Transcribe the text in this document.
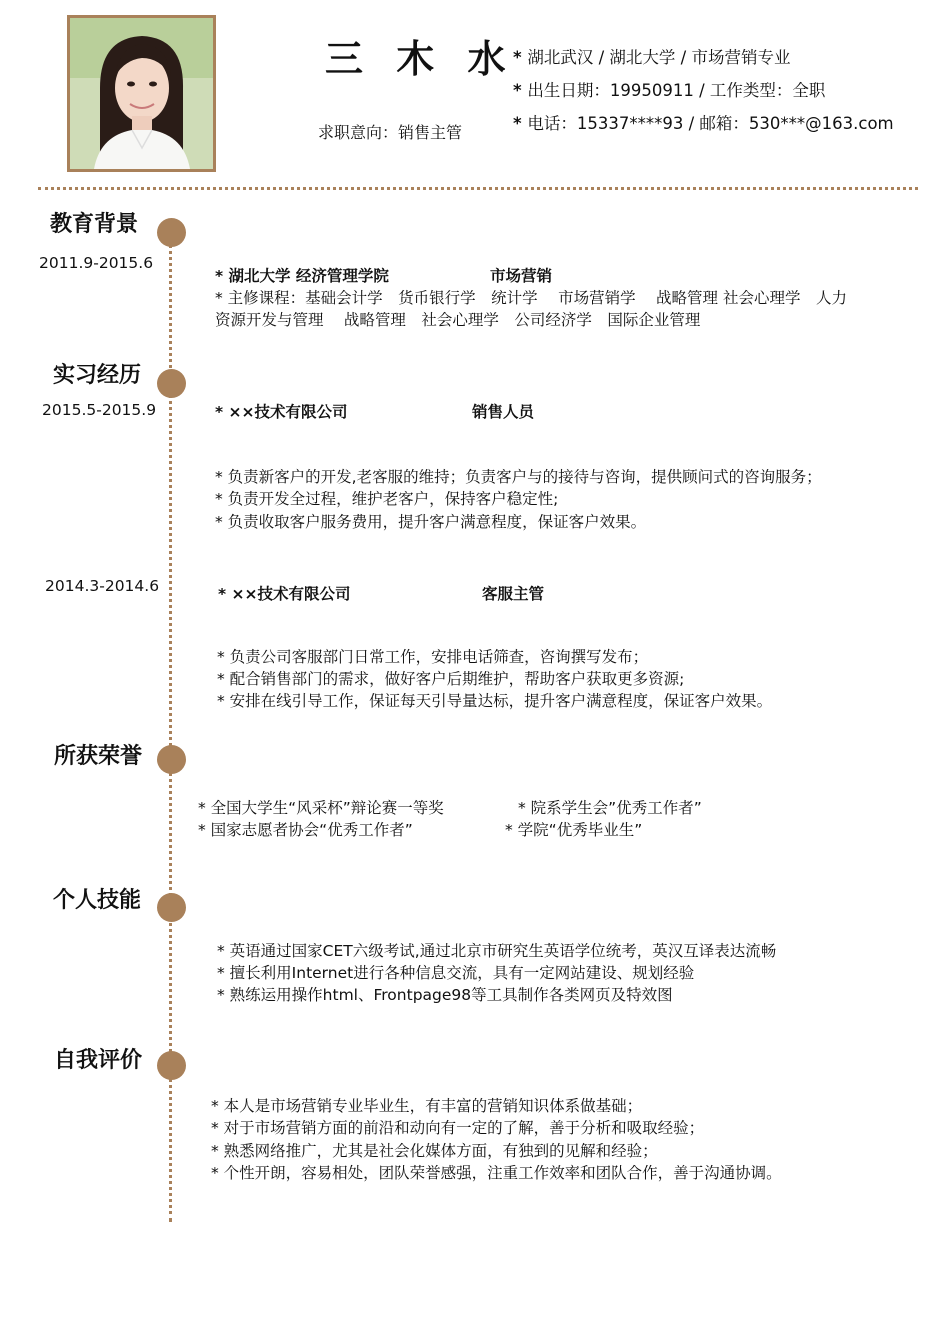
三 木 水
求职意向：销售主管
* 湖北武汉 / 湖北大学 / 市场营销专业
* 出生日期：19950911 / 工作类型：全职
* 电话：15337****93 / 邮箱：530***@163.com
教育背景
2011.9-2015.6
* 湖北大学 经济管理学院	市场营销
* 主修课程：基础会计学　货币银行学　统计学　 市场营销学　 战略管理 社会心理学　人力
资源开发与管理　 战略管理　社会心理学　公司经济学　国际企业管理
实习经历
2015.5-2015.9	* ××技术有限公司	销售人员
* 负责新客户的开发,老客服的维持；负责客户与的接待与咨询，提供顾问式的咨询服务；
* 负责开发全过程，维护老客户，保持客户稳定性;
* 负责收取客户服务费用，提升客户满意程度，保证客户效果。
2014.3-2014.6	* ××技术有限公司	客服主管
* 负责公司客服部门日常工作，安排电话筛查，咨询撰写发布；
* 配合销售部门的需求，做好客户后期维护，帮助客户获取更多资源;
* 安排在线引导工作，保证每天引导量达标，提升客户满意程度，保证客户效果。
所获荣誉
* 全国大学生“风采杯”辩论赛一等奖	* 院系学生会”优秀工作者”
* 国家志愿者协会“优秀工作者”	* 学院“优秀毕业生”
个人技能
* 英语通过国家CET六级考试,通过北京市研究生英语学位统考，英汉互译表达流畅
* 擅长利用Internet进行各种信息交流，具有一定网站建设、规划经验
* 熟练运用操作html、Frontpage98等工具制作各类网页及特效图
自我评价
* 本人是市场营销专业毕业生，有丰富的营销知识体系做基础；
* 对于市场营销方面的前沿和动向有一定的了解，善于分析和吸取经验；
* 熟悉网络推广，尤其是社会化媒体方面，有独到的见解和经验；
* 个性开朗，容易相处，团队荣誉感强，注重工作效率和团队合作，善于沟通协调。
